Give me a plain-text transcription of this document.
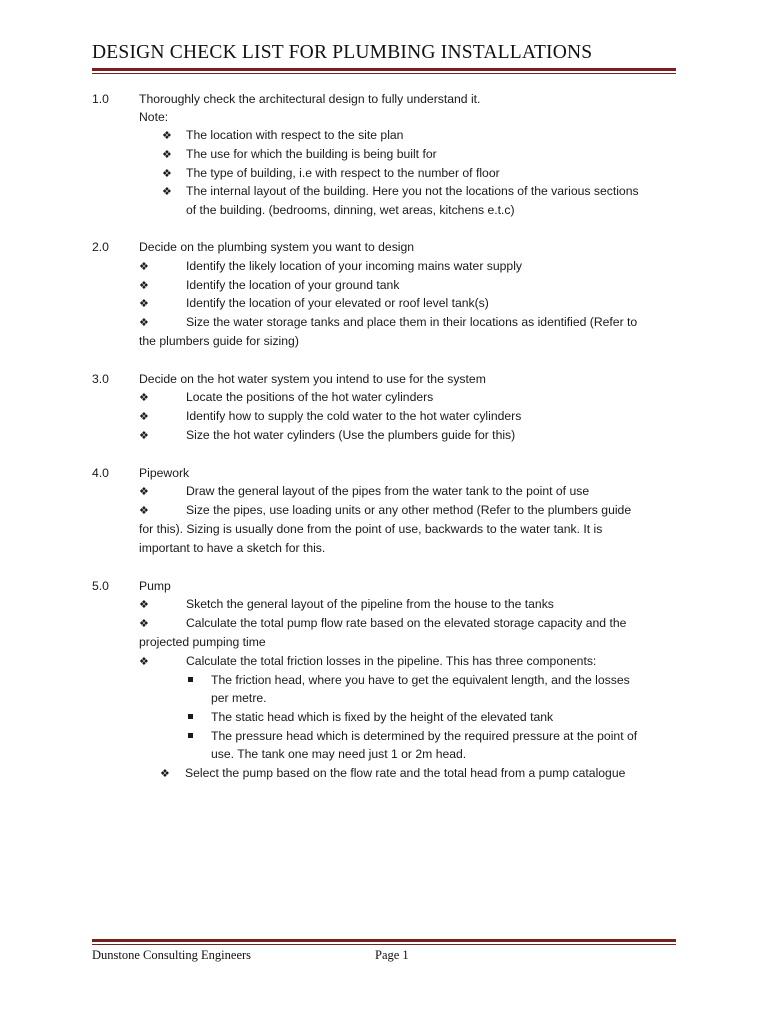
DESIGN CHECK LIST FOR PLUMBING INSTALLATIONS
1.0 Thoroughly check the architectural design to fully understand it.
Note:
❖ The location with respect to the site plan
❖ The use for which the building is being built for
❖ The type of building, i.e with respect to the number of floor
❖ The internal layout of the building. Here you not the locations of the various sections
of the building. (bedrooms, dinning, wet areas, kitchens e.t.c)
2.0 Decide on the plumbing system you want to design
❖	Identify the likely location of your incoming mains water supply
❖	Identify the location of your ground tank
❖	Identify the location of your elevated or roof level tank(s)
❖	Size the water storage tanks and place them in their locations as identified (Refer to
the plumbers guide for sizing)
3.0 Decide on the hot water system you intend to use for the system
❖	Locate the positions of the hot water cylinders
❖	Identify how to supply the cold water to the hot water cylinders
❖	Size the hot water cylinders (Use the plumbers guide for this)
4.0 Pipework
❖	Draw the general layout of the pipes from the water tank to the point of use
❖	Size the pipes, use loading units or any other method (Refer to the plumbers guide
for this). Sizing is usually done from the point of use, backwards to the water tank. It is
important to have a sketch for this.
5.0 Pump
❖	Sketch the general layout of the pipeline from the house to the tanks
❖	Calculate the total pump flow rate based on the elevated storage capacity and the
projected pumping time
❖	Calculate the total friction losses in the pipeline. This has three components:
The friction head, where you have to get the equivalent length, and the losses
per metre.
The static head which is fixed by the height of the elevated tank
The pressure head which is determined by the required pressure at the point of
use. The tank one may need just 1 or 2m head.
❖ Select the pump based on the flow rate and the total head from a pump catalogue
Dunstone Consulting Engineers	Page 1
